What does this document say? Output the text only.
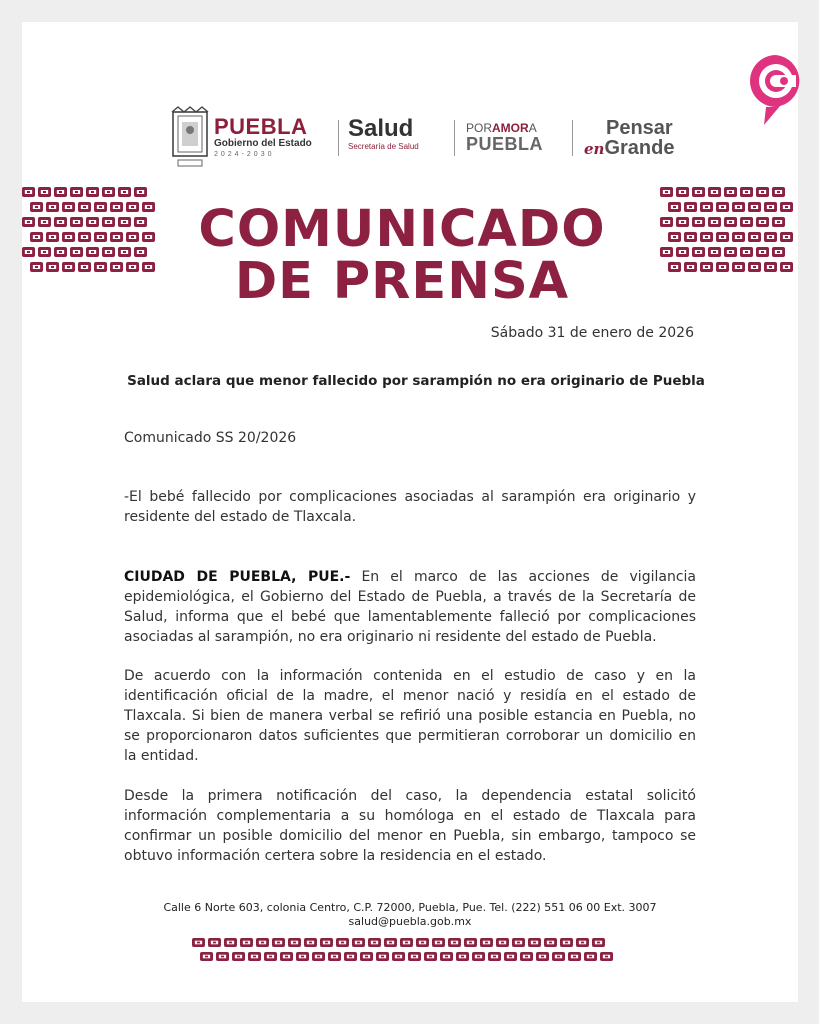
PUEBLA
Gobierno del Estado
2024-2030
Salud
Secretaría de Salud
PORAMORA
PUEBLA
Pensar
enGrande
COMUNICADO
DE PRENSA
Sábado 31 de enero de 2026
Salud aclara que menor fallecido por sarampión no era originario de Puebla
Comunicado SS 20/2026
-El bebé fallecido por complicaciones asociadas al sarampión era originario y residente del estado de Tlaxcala.
CIUDAD DE PUEBLA, PUE.- En el marco de las acciones de vigilancia epidemiológica, el Gobierno del Estado de Puebla, a través de la Secretaría de Salud, informa que el bebé que lamentablemente falleció por complicaciones asociadas al sarampión, no era originario ni residente del estado de Puebla.
De acuerdo con la información contenida en el estudio de caso y en la identificación oficial de la madre, el menor nació y residía en el estado de Tlaxcala. Si bien de manera verbal se refirió una posible estancia en Puebla, no se proporcionaron datos suficientes que permitieran corroborar un domicilio en la entidad.
Desde la primera notificación del caso, la dependencia estatal solicitó información complementaria a su homóloga en el estado de Tlaxcala para confirmar un posible domicilio del menor en Puebla, sin embargo, tampoco se obtuvo información certera sobre la residencia en el estado.
Calle 6 Norte 603, colonia Centro, C.P. 72000, Puebla, Pue. Tel. (222) 551 06 00 Ext. 3007
salud@puebla.gob.mx
